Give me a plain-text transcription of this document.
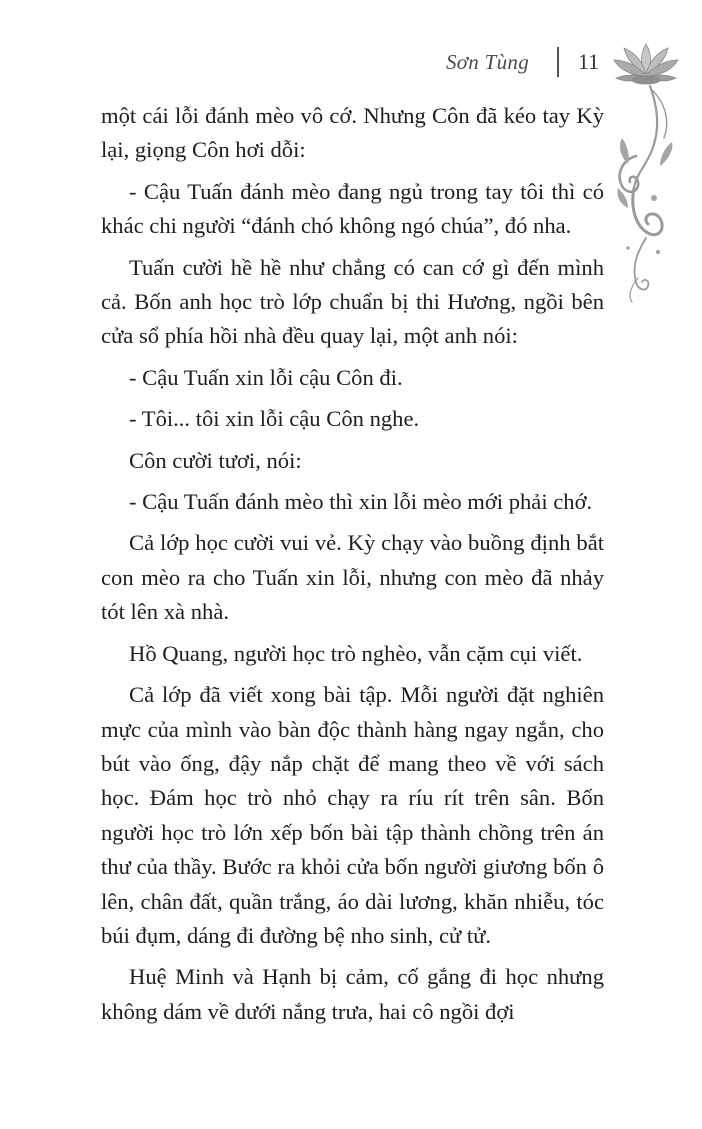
Sơn Tùng 11

một cái lỗi đánh mèo vô cớ. Nhưng Côn đã kéo tay Kỳ lại, giọng Côn hơi dỗi:

- Cậu Tuấn đánh mèo đang ngủ trong tay tôi thì có khác chi người “đánh chó không ngó chúa”, đó nha.

Tuấn cười hề hề như chẳng có can cớ gì đến mình cả. Bốn anh học trò lớp chuẩn bị thi Hương, ngồi bên cửa sổ phía hồi nhà đều quay lại, một anh nói:

- Cậu Tuấn xin lỗi cậu Côn đi.

- Tôi... tôi xin lỗi cậu Côn nghe.

Côn cười tươi, nói:

- Cậu Tuấn đánh mèo thì xin lỗi mèo mới phải chớ.

Cả lớp học cười vui vẻ. Kỳ chạy vào buồng định bắt con mèo ra cho Tuấn xin lỗi, nhưng con mèo đã nhảy tót lên xà nhà.

Hồ Quang, người học trò nghèo, vẫn cặm cụi viết.

Cả lớp đã viết xong bài tập. Mỗi người đặt nghiên mực của mình vào bàn độc thành hàng ngay ngắn, cho bút vào ống, đậy nắp chặt để mang theo về với sách học. Đám học trò nhỏ chạy ra ríu rít trên sân. Bốn người học trò lớn xếp bốn bài tập thành chồng trên án thư của thầy. Bước ra khỏi cửa bốn người giương bốn ô lên, chân đất, quần trắng, áo dài lương, khăn nhiễu, tóc búi đụm, dáng đi đường bệ nho sinh, cử tử.

Huệ Minh và Hạnh bị cảm, cố gắng đi học nhưng không dám về dưới nắng trưa, hai cô ngồi đợi
